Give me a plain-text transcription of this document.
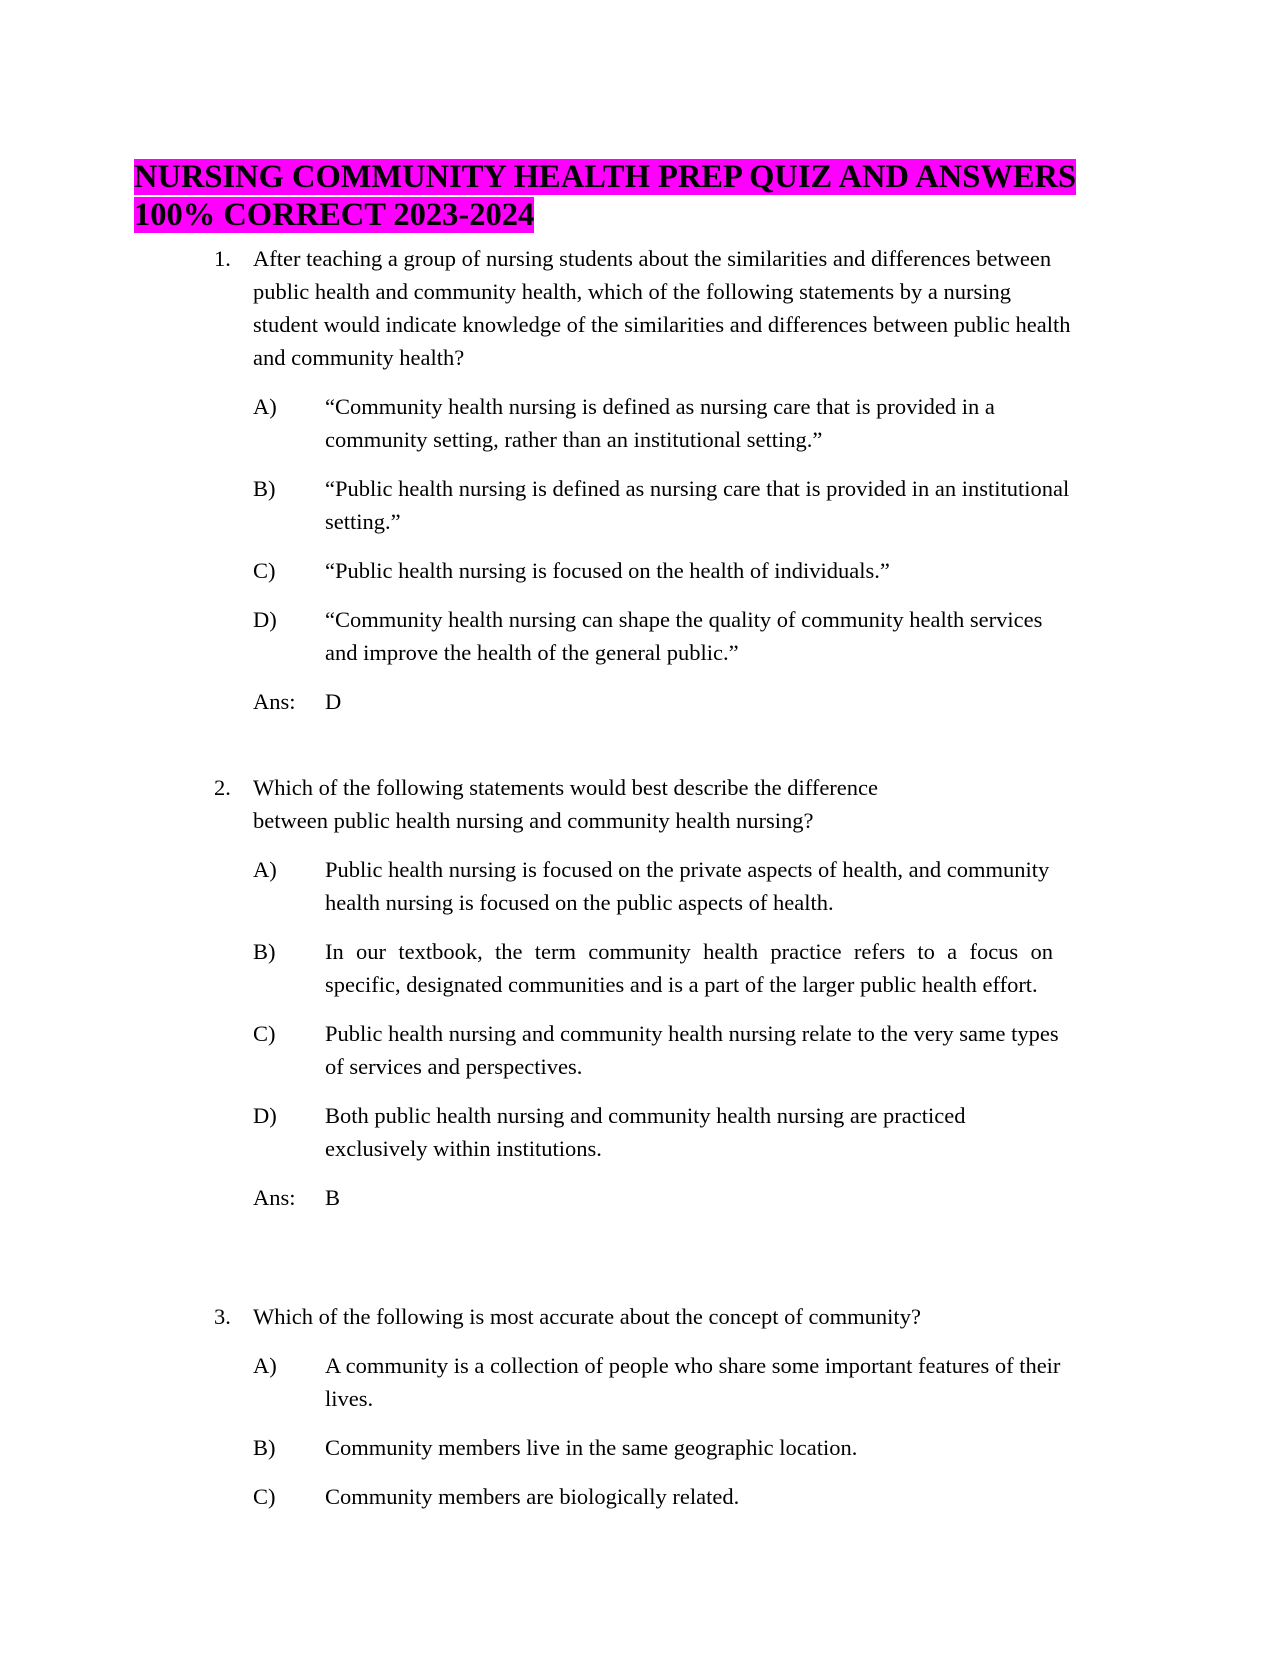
NURSING COMMUNITY HEALTH PREP QUIZ AND ANSWERS
100% CORRECT 2023-2024
1. After teaching a group of nursing students about the similarities and differences between public health and community health, which of the following statements by a nursing student would indicate knowledge of the similarities and differences between public health and community health?
A) “Community health nursing is defined as nursing care that is provided in a community setting, rather than an institutional setting.”
B) “Public health nursing is defined as nursing care that is provided in an institutional setting.”
C) “Public health nursing is focused on the health of individuals.”
D) “Community health nursing can shape the quality of community health services and improve the health of the general public.”
Ans: D
2. Which of the following statements would best describe the difference between public health nursing and community health nursing?
A) Public health nursing is focused on the private aspects of health, and community health nursing is focused on the public aspects of health.
B) In our textbook, the term community health practice refers to a focus on specific, designated communities and is a part of the larger public health effort.
C) Public health nursing and community health nursing relate to the very same types of services and perspectives.
D) Both public health nursing and community health nursing are practiced exclusively within institutions.
Ans: B
3. Which of the following is most accurate about the concept of community?
A) A community is a collection of people who share some important features of their lives.
B) Community members live in the same geographic location.
C) Community members are biologically related.
